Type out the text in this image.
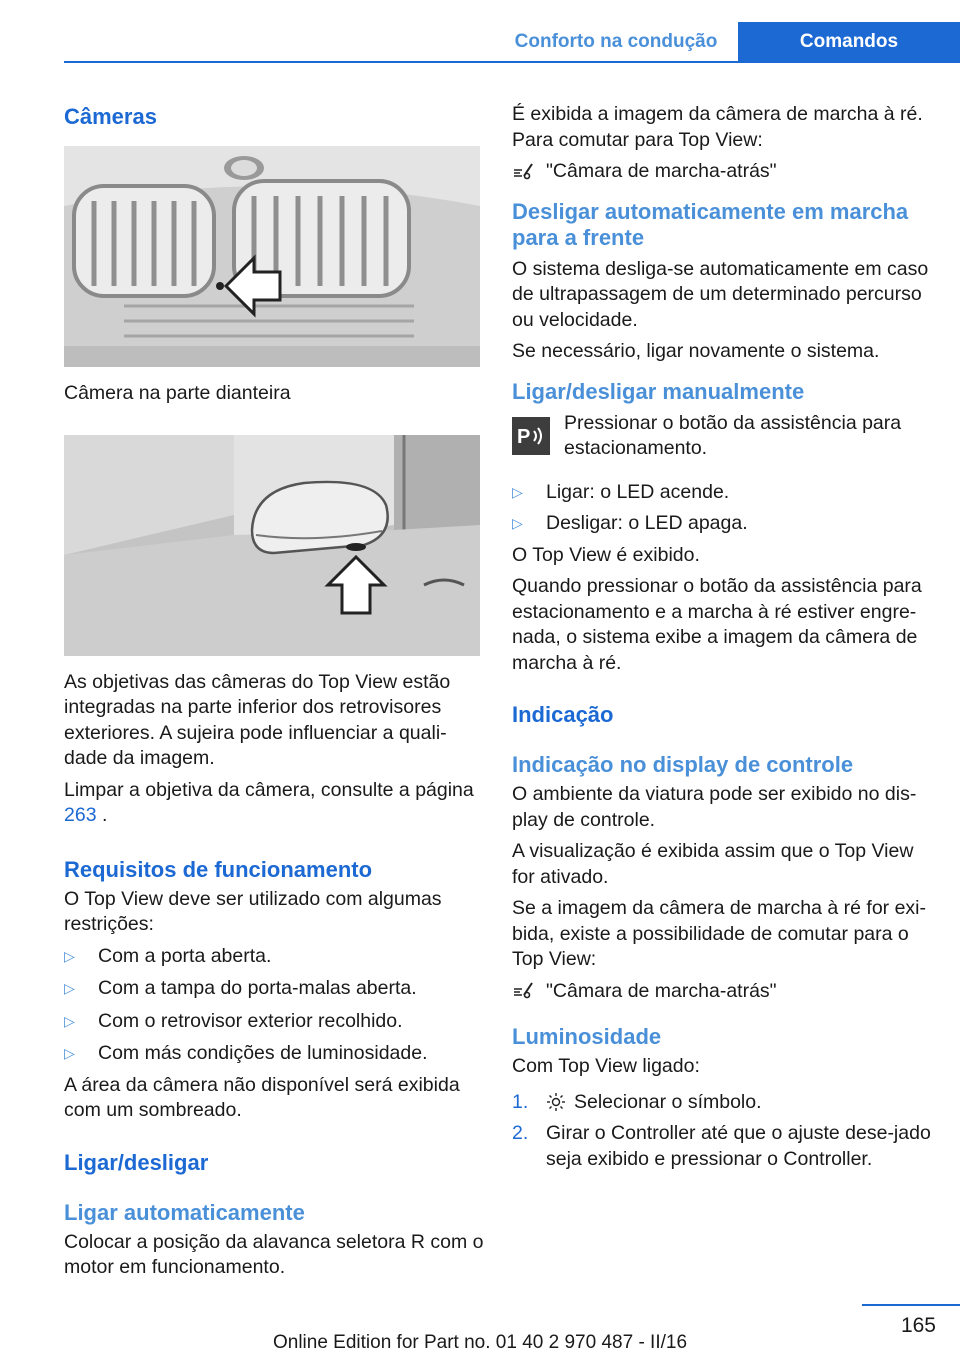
Conforto na condução	Comandos
Câmeras

Câmera na parte dianteira

As objetivas das câmeras do Top View estão integradas na parte inferior dos retrovisores exteriores. A sujeira pode influenciar a quali‐dade da imagem.

Limpar a objetiva da câmera, consulte a página
263 .

Requisitos de funcionamento

O Top View deve ser utilizado com algumas restrições:

▷	Com a porta aberta.
▷	Com a tampa do porta-malas aberta.
▷	Com o retrovisor exterior recolhido.
▷	Com más condições de luminosidade.

A área da câmera não disponível será exibida com um sombreado.

Ligar/desligar
Ligar automaticamente

Colocar a posição da alavanca seletora R com o motor em funcionamento.

É exibida a imagem da câmera de marcha à ré. Para comutar para Top View:

"Câmara de marcha-atrás"
Desligar automaticamente em marcha para a frente

O sistema desliga-se automaticamente em caso de ultrapassagem de um determinado percurso ou velocidade.

Se necessário, ligar novamente o sistema.

Ligar/desligar manualmente
P

Pressionar o botão da assistência para estacionamento.

▷	Ligar: o LED acende.
▷	Desligar: o LED apaga.

O Top View é exibido.

Quando pressionar o botão da assistência para estacionamento e a marcha à ré estiver engre‐nada, o sistema exibe a imagem da câmera de marcha à ré.

Indicação
Indicação no display de controle

O ambiente da viatura pode ser exibido no dis‐play de controle.

A visualização é exibida assim que o Top View for ativado.

Se a imagem da câmera de marcha à ré for exi‐bida, existe a possibilidade de comutar para o Top View:

"Câmara de marcha-atrás"
Luminosidade

Com Top View ligado:

1.	Selecionar o símbolo.
2. Girar o Controller até que o ajuste dese‐jado seja exibido e pressionar o Controller.
165
Online Edition for Part no. 01 40 2 970 487 - II/16
